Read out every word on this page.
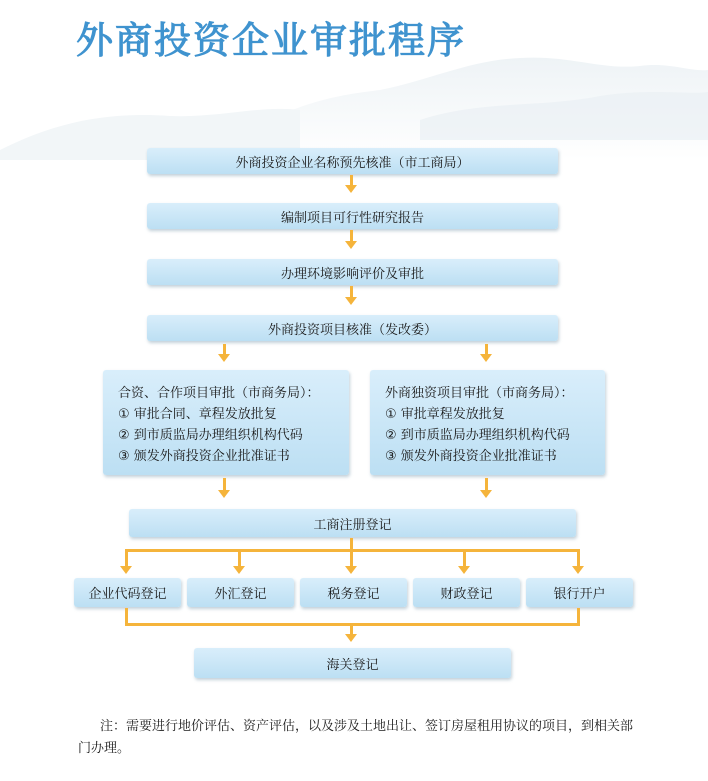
外商投资企业审批程序
外商投资企业名称预先核准（市工商局）
编制项目可行性研究报告
办理环境影响评价及审批
外商投资项目核准（发改委）
合资、合作项目审批（市商务局）：
① 审批合同、章程发放批复
② 到市质监局办理组织机构代码
③ 颁发外商投资企业批准证书
外商独资项目审批（市商务局）：
① 审批章程发放批复
② 到市质监局办理组织机构代码
③ 颁发外商投资企业批准证书
工商注册登记
企业代码登记	外汇登记	税务登记	财政登记	银行开户
海关登记
注：需要进行地价评估、资产评估，以及涉及土地出让、签订房屋租用协议的项目，到相关部门办理。
